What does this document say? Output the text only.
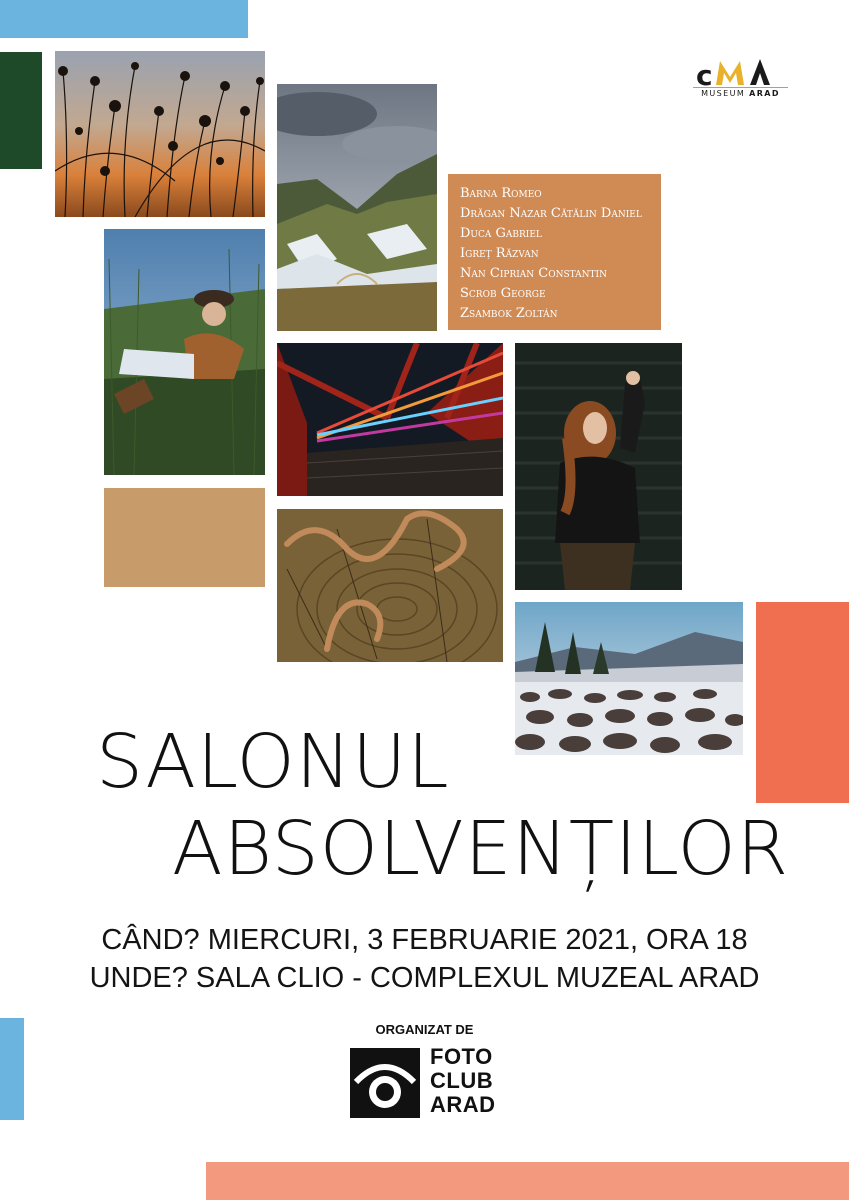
Barna Romeo
Drăgan Nazar Cătălin Daniel
Duca Gabriel
Igreț Răzvan
Nan Ciprian Constantin
Scrob George
Zsambok Zoltán
c
MUSEUM ARAD
SALONUL
ABSOLVENȚILOR
CÂND? MIERCURI, 3 FEBRUARIE 2021, ORA 18
UNDE? SALA CLIO - COMPLEXUL MUZEAL ARAD
ORGANIZAT DE
FOTO
CLUB
ARAD
